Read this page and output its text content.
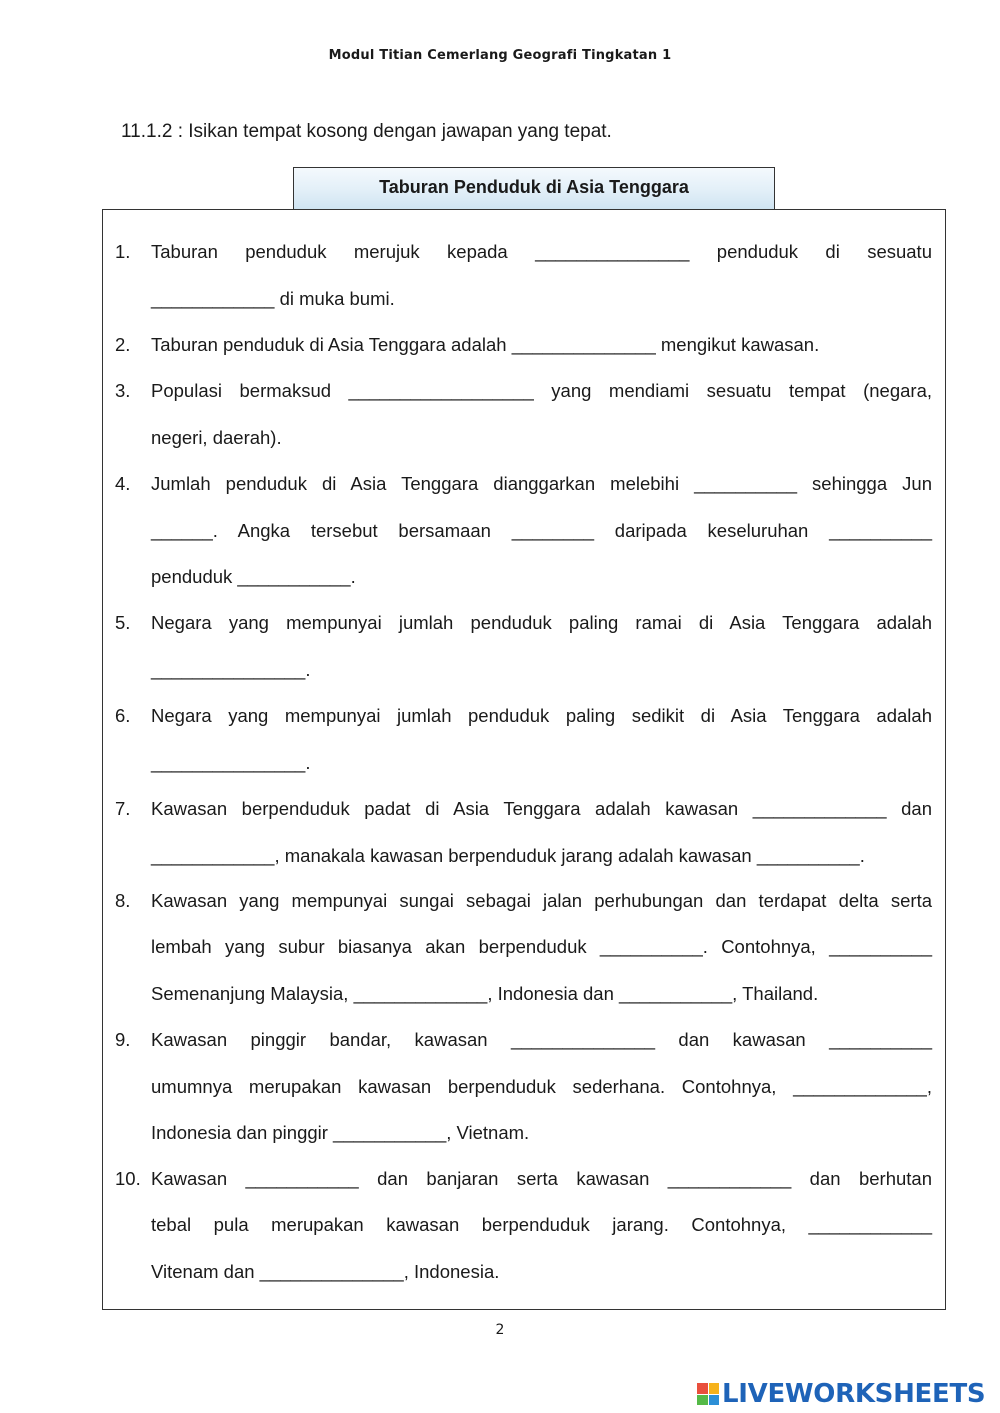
Modul Titian Cemerlang Geografi Tingkatan 1
11.1.2 : Isikan tempat kosong dengan jawapan yang tepat.
Taburan Penduduk di Asia Tenggara
1. Taburan penduduk merujuk kepada _______________ penduduk di sesuatu
____________ di muka bumi.
2. Taburan penduduk di Asia Tenggara adalah ______________ mengikut kawasan.
3. Populasi bermaksud __________________ yang mendiami sesuatu tempat (negara,
negeri, daerah).
4. Jumlah penduduk di Asia Tenggara dianggarkan melebihi __________ sehingga Jun
______. Angka tersebut bersamaan ________ daripada keseluruhan __________
penduduk ___________.
5. Negara yang mempunyai jumlah penduduk paling ramai di Asia Tenggara adalah
_______________.
6. Negara yang mempunyai jumlah penduduk paling sedikit di Asia Tenggara adalah
_______________.
7. Kawasan berpenduduk padat di Asia Tenggara adalah kawasan _____________ dan
____________, manakala kawasan berpenduduk jarang adalah kawasan __________.
8. Kawasan yang mempunyai sungai sebagai jalan perhubungan dan terdapat delta serta
lembah yang subur biasanya akan berpenduduk __________. Contohnya, __________
Semenanjung Malaysia, _____________, Indonesia dan ___________, Thailand.
9. Kawasan pinggir bandar, kawasan ______________ dan kawasan __________
umumnya merupakan kawasan berpenduduk sederhana. Contohnya, _____________,
Indonesia dan pinggir ___________, Vietnam.
10. Kawasan ___________ dan banjaran serta kawasan ____________ dan berhutan
tebal pula merupakan kawasan berpenduduk jarang. Contohnya, ____________
Vitenam dan ______________, Indonesia.
2
LIVEWORKSHEETS
